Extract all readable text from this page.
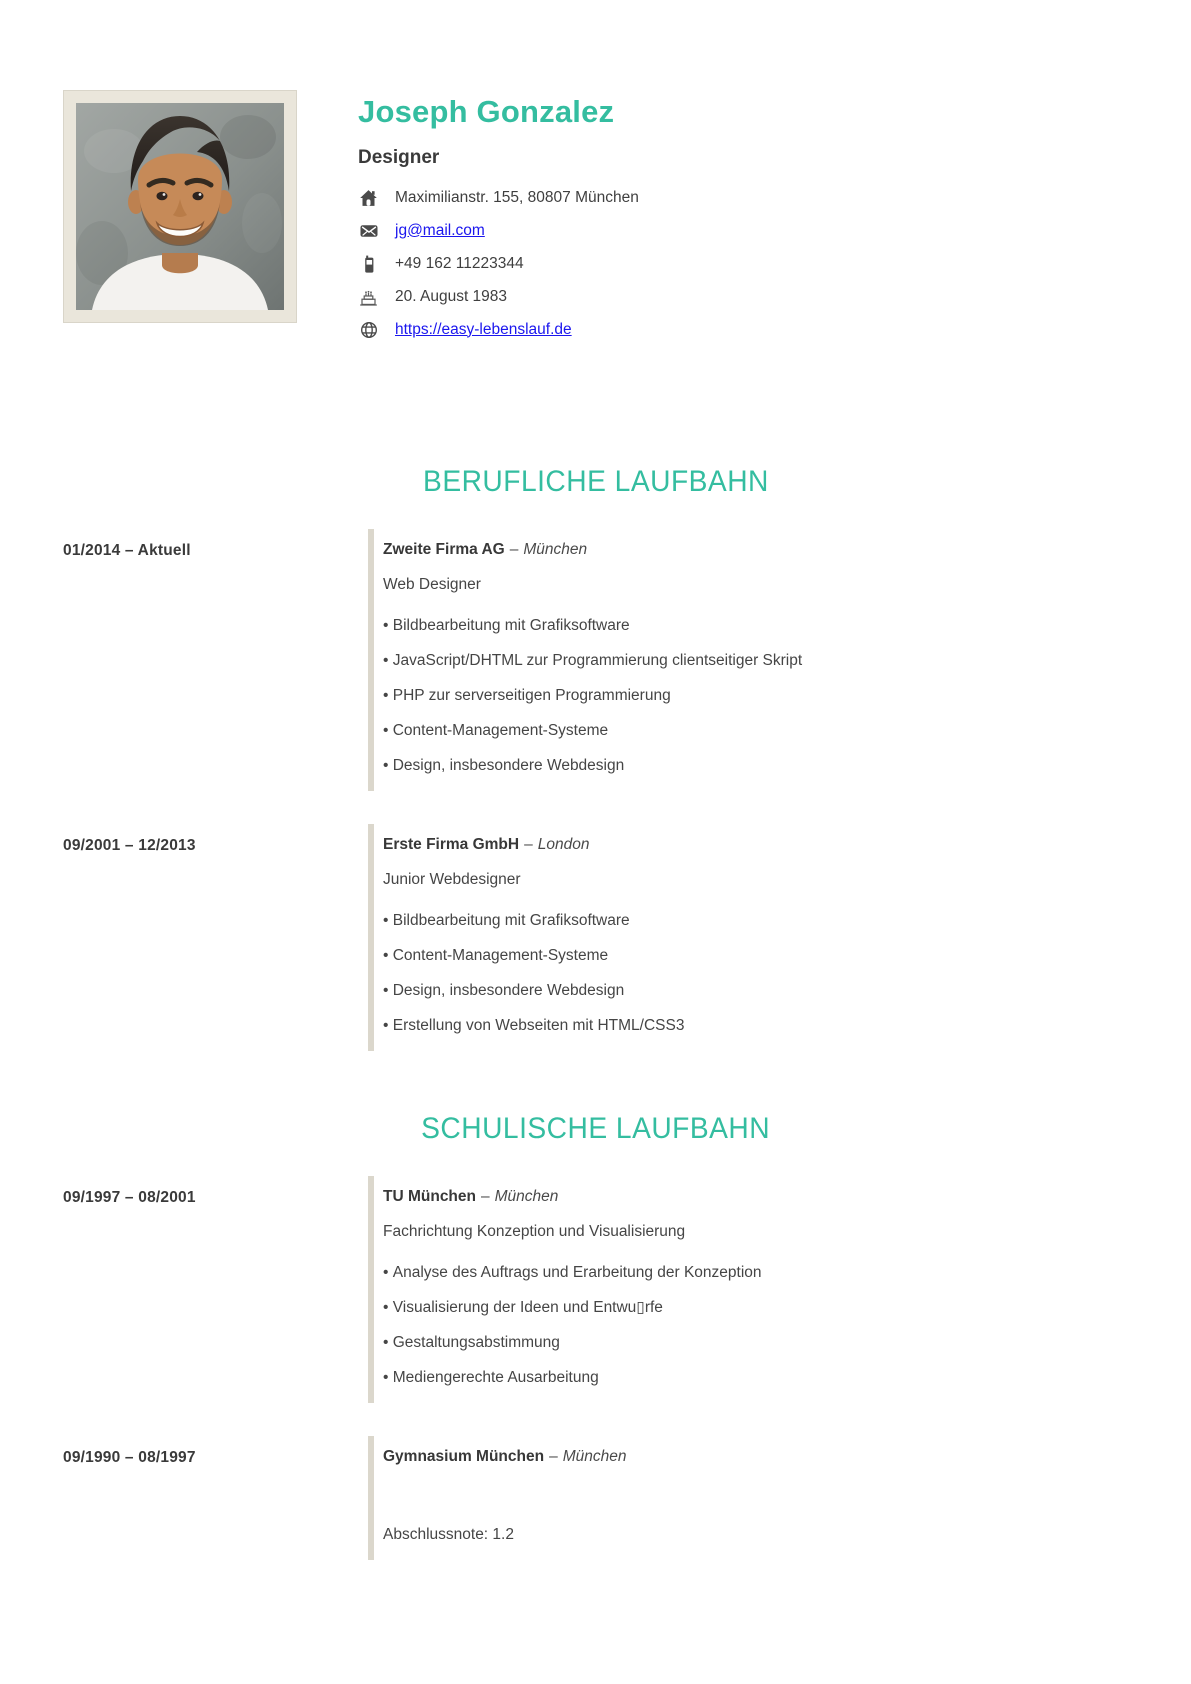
Joseph Gonzalez
Designer
Maximilianstr. 155, 80807 München
jg@mail.com
+49 162 11223344
20. August 1983
https://easy-lebenslauf.de
BERUFLICHE LAUFBAHN
01/2014 – Aktuell	Zweite Firma AG – München
Web Designer
• Bildbearbeitung mit Grafiksoftware
• JavaScript/DHTML zur Programmierung clientseitiger Skript
• PHP zur serverseitigen Programmierung
• Content-Management-Systeme
• Design, insbesondere Webdesign
09/2001 – 12/2013	Erste Firma GmbH – London
Junior Webdesigner
• Bildbearbeitung mit Grafiksoftware
• Content-Management-Systeme
• Design, insbesondere Webdesign
• Erstellung von Webseiten mit HTML/CSS3
SCHULISCHE LAUFBAHN
09/1997 – 08/2001	TU München – München
Fachrichtung Konzeption und Visualisierung
• Analyse des Auftrags und Erarbeitung der Konzeption
• Visualisierung der Ideen und Entwu▯rfe
• Gestaltungsabstimmung
• Mediengerechte Ausarbeitung
09/1990 – 08/1997	Gymnasium München – München
Abschlussnote: 1.2
